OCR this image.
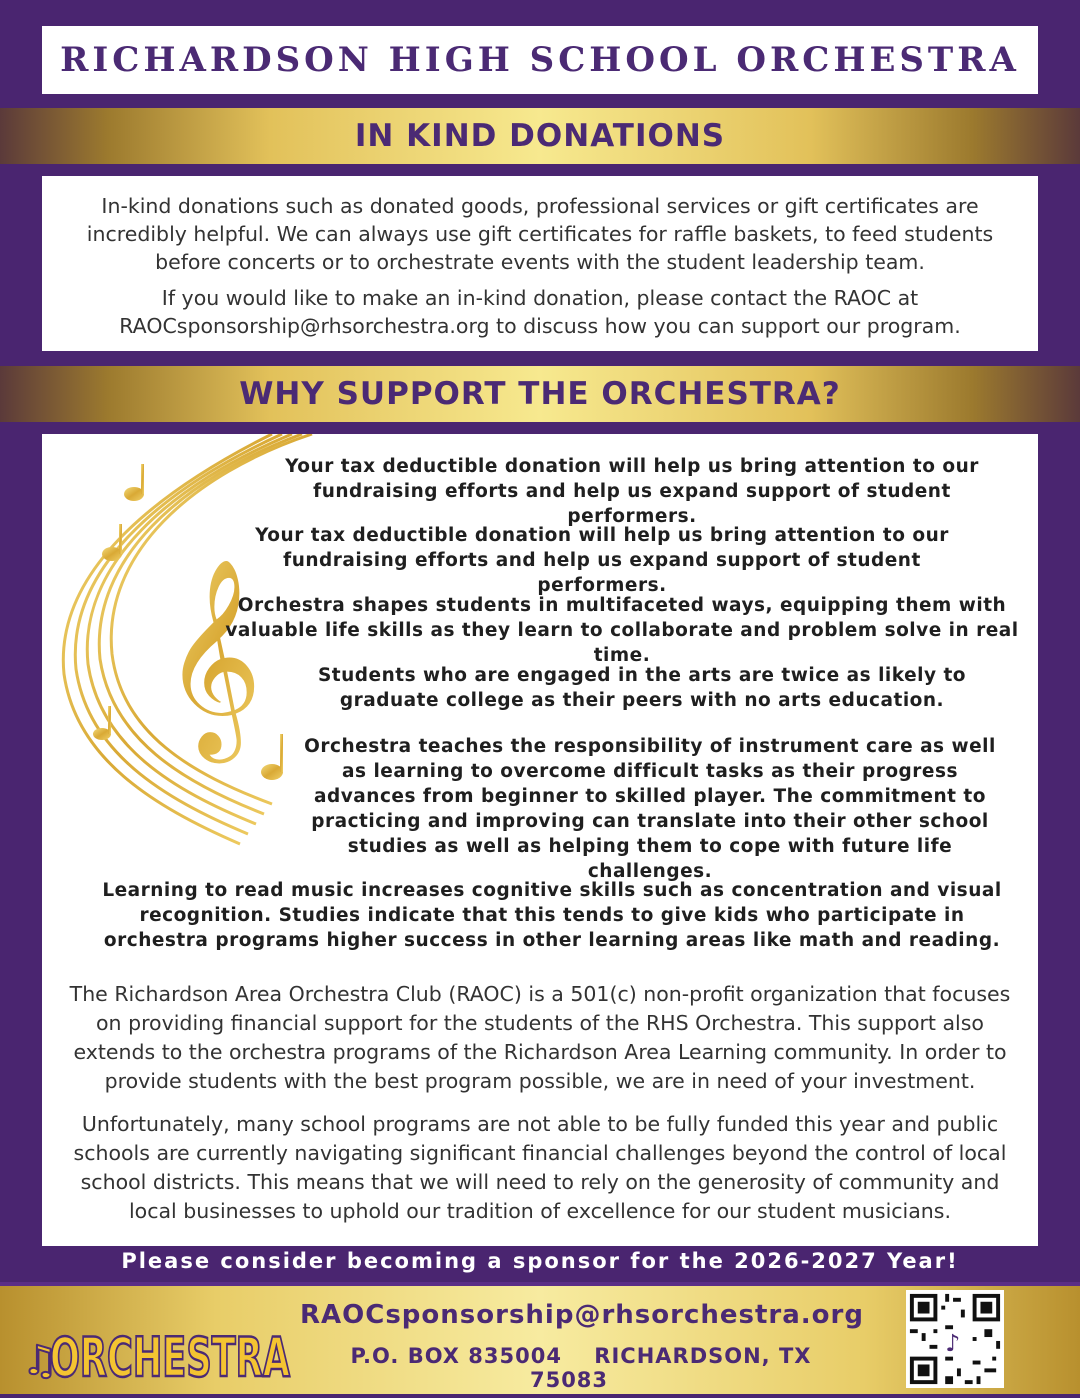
RICHARDSON HIGH SCHOOL ORCHESTRA
IN KIND DONATIONS

In-kind donations such as donated goods, professional services or gift certificates are incredibly helpful. We can always use gift certificates for raffle baskets, to feed students before concerts or to orchestrate events with the student leadership team.

If you would like to make an in-kind donation, please contact the RAOC at RAOCsponsorship@rhsorchestra.org to discuss how you can support our program.

WHY SUPPORT THE ORCHESTRA?
𝄞
Your tax deductible donation will help us bring attention to our fundraising efforts and help us expand support of student performers.
Your tax deductible donation will help us bring attention to our fundraising efforts and help us expand support of student performers.
Orchestra shapes students in multifaceted ways, equipping them with valuable life skills as they learn to collaborate and problem solve in real time.
Students who are engaged in the arts are twice as likely to graduate college as their peers with no arts education.
Orchestra teaches the responsibility of instrument care as well as learning to overcome difficult tasks as their progress advances from beginner to skilled player. The commitment to practicing and improving can translate into their other school studies as well as helping them to cope with future life challenges.
Learning to read music increases cognitive skills such as concentration and visual recognition. Studies indicate that this tends to give kids who participate in orchestra programs higher success in other learning areas like math and reading.
The Richardson Area Orchestra Club (RAOC) is a 501(c) non-profit organization that focuses on providing financial support for the students of the RHS Orchestra. This support also extends to the orchestra programs of the Richardson Area Learning community. In order to provide students with the best program possible, we are in need of your investment.
Unfortunately, many school programs are not able to be fully funded this year and public schools are currently navigating significant financial challenges beyond the control of local school districts. This means that we will need to rely on the generosity of community and local businesses to uphold our tradition of excellence for our student musicians.
Please consider becoming a sponsor for the 2026-2027 Year!
♫
ORCHESTRA
RAOCsponsorship@rhsorchestra.org
P.O. BOX 835004 RICHARDSON, TX 75083
♪
